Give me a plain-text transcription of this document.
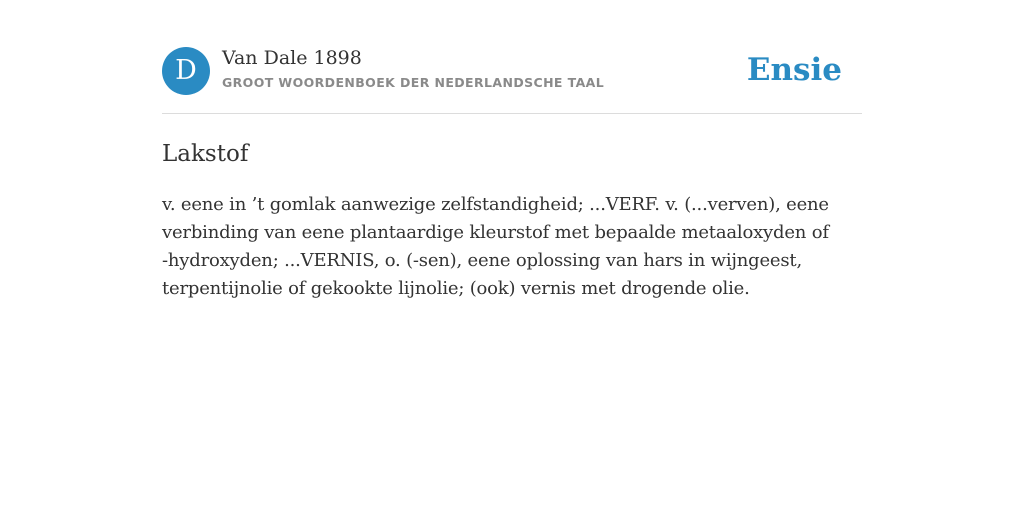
D	Van Dale 1898
GROOT WOORDENBOEK DER NEDERLANDSCHE TAAL	Ensie
Lakstof

v. eene in ’t gomlak aanwezige zelfstandigheid; ...VERF. v. (...verven), eene verbinding van eene plantaardige kleurstof met bepaalde metaaloxyden of -hydroxyden; ...VERNIS, o. (-sen), eene oplossing van hars in wijngeest, terpentijnolie of gekookte lijnolie; (ook) vernis met drogende olie.
